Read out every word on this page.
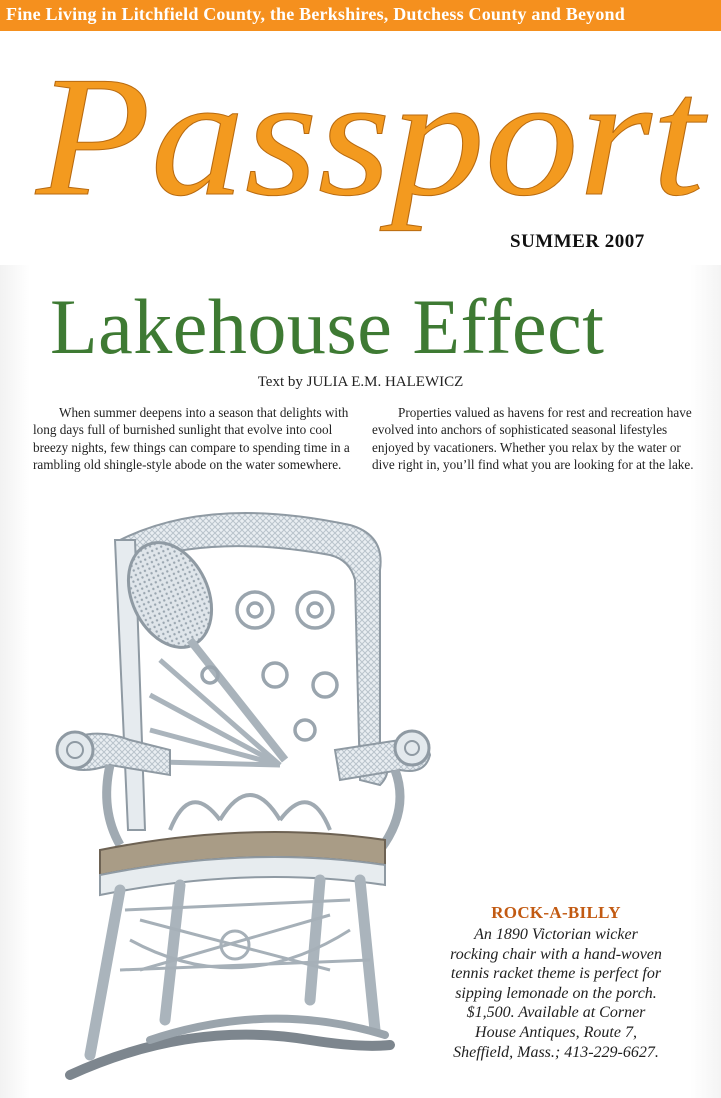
Fine Living in Litchfield County, the Berkshires, Dutchess County and Beyond
Passport
SUMMER 2007
Lakehouse Effect
Text by JULIA E.M. HALEWICZ

When summer deepens into a season that delights with long days full of burnished sunlight that evolve into cool breezy nights, few things can compare to spending time in a rambling old shingle-style abode on the water somewhere.

Properties valued as havens for rest and recreation have evolved into anchors of sophisticated seasonal lifestyles enjoyed by vacationers. Whether you relax by the water or dive right in, you’ll find what you are looking for at the lake.

ROCK-A-BILLY
An 1890 Victorian wicker
rocking chair with a hand-woven
tennis racket theme is perfect for
sipping lemonade on the porch.
$1,500. Available at Corner
House Antiques, Route 7,
Sheffield, Mass.; 413-229-6627.
